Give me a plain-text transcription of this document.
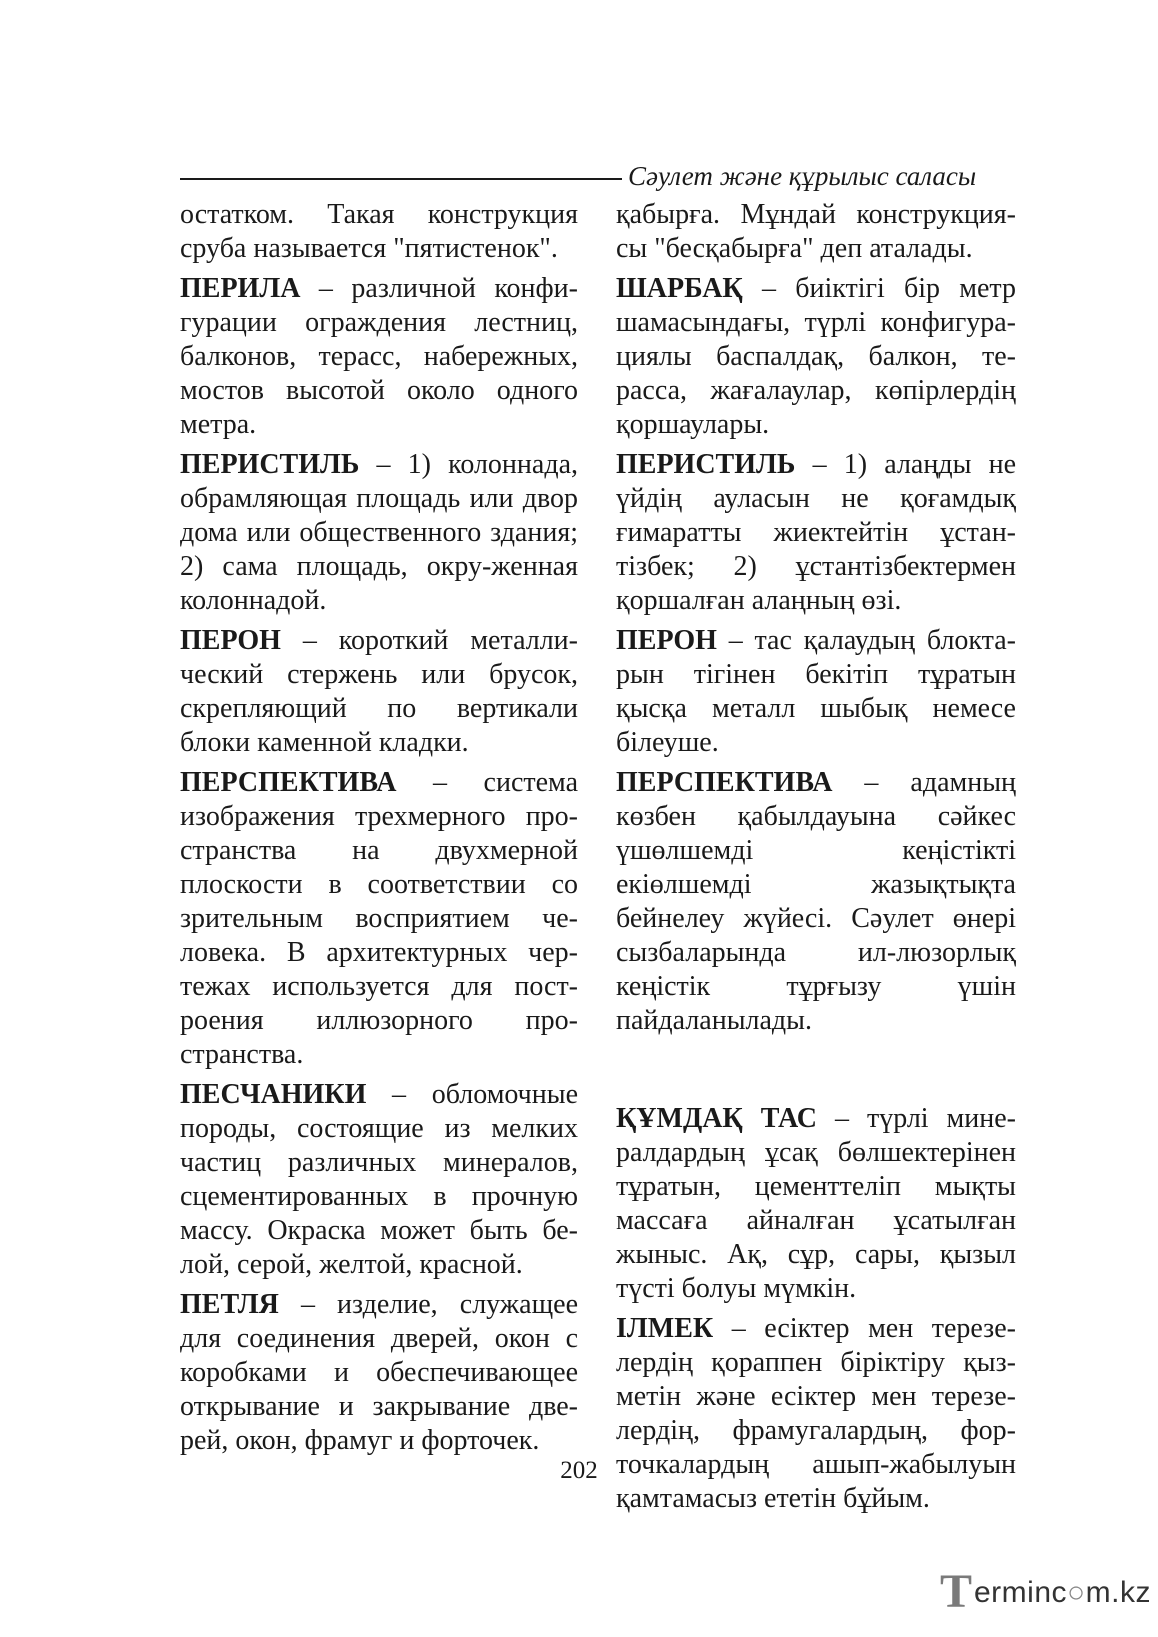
Сәулет және құрылыс саласы

остатком. Такая конструкция сруба называется "пятистенок".

ПЕРИЛА – различной конфи-гурации ограждения лестниц, балконов, терасс, набережных, мостов высотой около одного метра.

ПЕРИСТИЛЬ – 1) колоннада, обрамляющая площадь или двор дома или общественного здания; 2) сама площадь, окру-женная колоннадой.

ПЕРОН – короткий металли-ческий стержень или брусок, скрепляющий по вертикали блоки каменной кладки.

ПЕРСПЕКТИВА – система изображения трехмерного про-странства на двухмерной плоскости в соответствии со зрительным восприятием че-ловека. В архитектурных чер-тежах используется для пост-роения иллюзорного про-странства.

ПЕСЧАНИКИ – обломочные породы, состоящие из мелких частиц различных минералов, сцементированных в прочную массу. Окраска может быть бе-лой, серой, желтой, красной.

ПЕТЛЯ – изделие, служащее для соединения дверей, окон с коробками и обеспечивающее открывание и закрывание две-рей, окон, фрамуг и форточек.

қабырға. Мұндай конструкция-сы "бесқабырға" деп аталады.

ШАРБАҚ – биіктігі бір метр шамасындағы, түрлі конфигура-циялы баспалдақ, балкон, те-расса, жағалаулар, көпірлердің қоршаулары.

ПЕРИСТИЛЬ – 1) алаңды не үйдің ауласын не қоғамдық ғимаратты жиектейтін ұстан-тізбек; 2) ұстантізбектермен қоршалған алаңның өзі.

ПЕРОН – тас қалаудың блокта-рын тігінен бекітіп тұратын қысқа металл шыбық немесе білеуше.

ПЕРСПЕКТИВА – адамның көзбен қабылдауына сәйкес үшөлшемді кеңістікті екіөлшемді жазықтықта бейнелеу жүйесі. Сәулет өнері сызбаларында ил-люзорлық кеңістік тұрғызу үшін пайдаланылады.

ҚҰМДАҚ ТАС – түрлі мине-ралдардың ұсақ бөлшектерінен тұратын, цементтеліп мықты массаға айналған ұсатылған жыныс. Ақ, сұр, сары, қызыл түсті болуы мүмкін.

ІЛМЕК – есіктер мен терезе-лердің қораппен біріктіру қыз-метін және есіктер мен терезе-лердің, фрамугалардың, фор-точкалардың ашып-жабылуын қамтамасыз ететін бұйым.

202
T erminc○m.kz
